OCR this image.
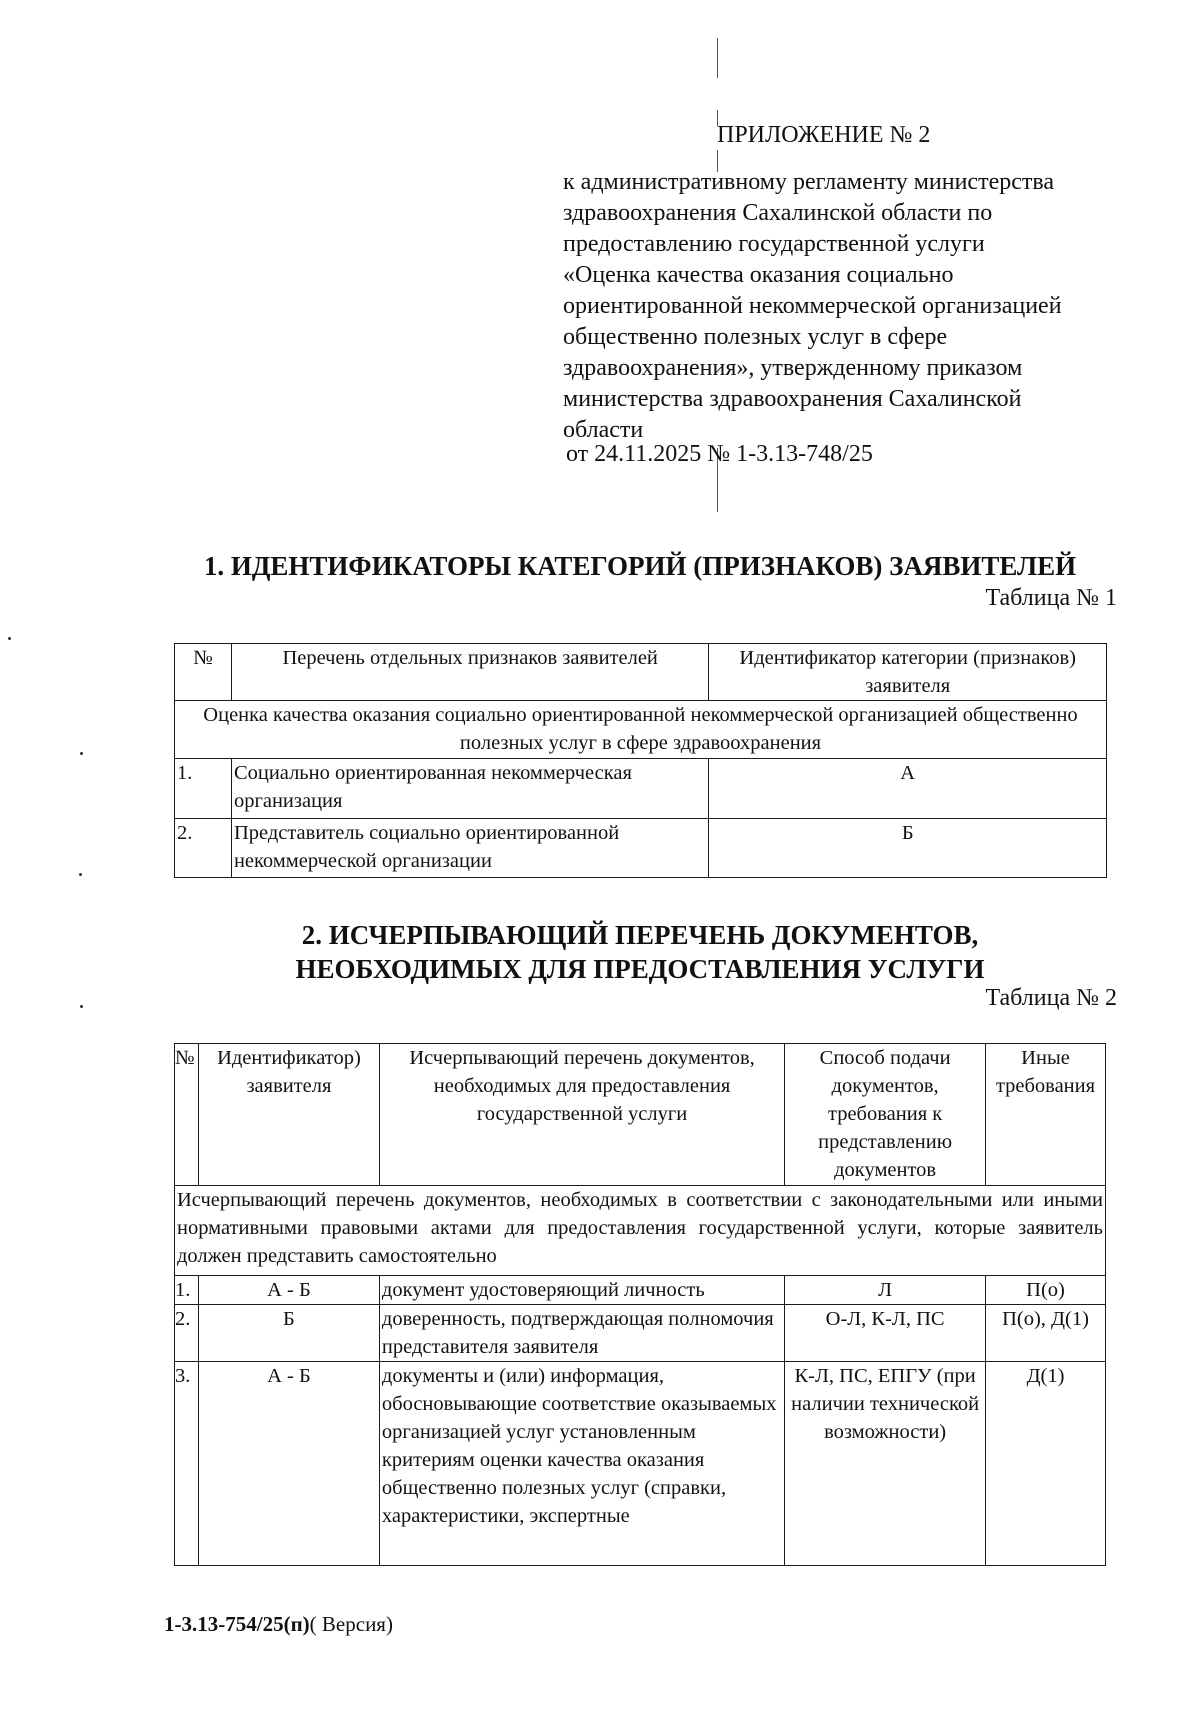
ПРИЛОЖЕНИЕ № 2
к административному регламенту министерства
здравоохранения Сахалинской области по
предоставлению государственной услуги
«Оценка качества оказания социально
ориентированной некоммерческой организацией
общественно полезных услуг в сфере
здравоохранения», утвержденному приказом
министерства здравоохранения Сахалинской
области
от 24.11.2025 № 1-3.13-748/25
1. ИДЕНТИФИКАТОРЫ КАТЕГОРИЙ (ПРИЗНАКОВ) ЗАЯВИТЕЛЕЙ
Таблица № 1
№	Перечень отдельных признаков заявителей	Идентификатор категории (признаков) заявителя
Оценка качества оказания социально ориентированной некоммерческой организацией общественно полезных услуг в сфере здравоохранения		
1.	Социально ориентированная некоммерческая организация	А
2.	Представитель социально ориентированной некоммерческой организации	Б
2. ИСЧЕРПЫВАЮЩИЙ ПЕРЕЧЕНЬ ДОКУМЕНТОВ,
НЕОБХОДИМЫХ ДЛЯ ПРЕДОСТАВЛЕНИЯ УСЛУГИ
Таблица № 2
№	Идентификатор) заявителя	Исчерпывающий перечень документов, необходимых для предоставления государственной услуги	Способ подачи документов, требования к представлению документов	Иные требования
Исчерпывающий перечень документов, необходимых в соответствии с законодательными или иными нормативными правовыми актами для предоставления государственной услуги, которые заявитель должен представить самостоятельно				
1.	А - Б	документ удостоверяющий личность	Л	П(о)
2.	Б	доверенность, подтверждающая полномочия представителя заявителя	О-Л, К-Л, ПС	П(о), Д(1)
3.	А - Б	документы и (или) информация, обосновывающие соответствие оказываемых организацией услуг установленным критериям оценки качества оказания общественно полезных услуг (справки, характеристики, экспертные	К-Л, ПС, ЕПГУ (при наличии технической возможности)	Д(1)
1-3.13-754/25(п)( Версия)
